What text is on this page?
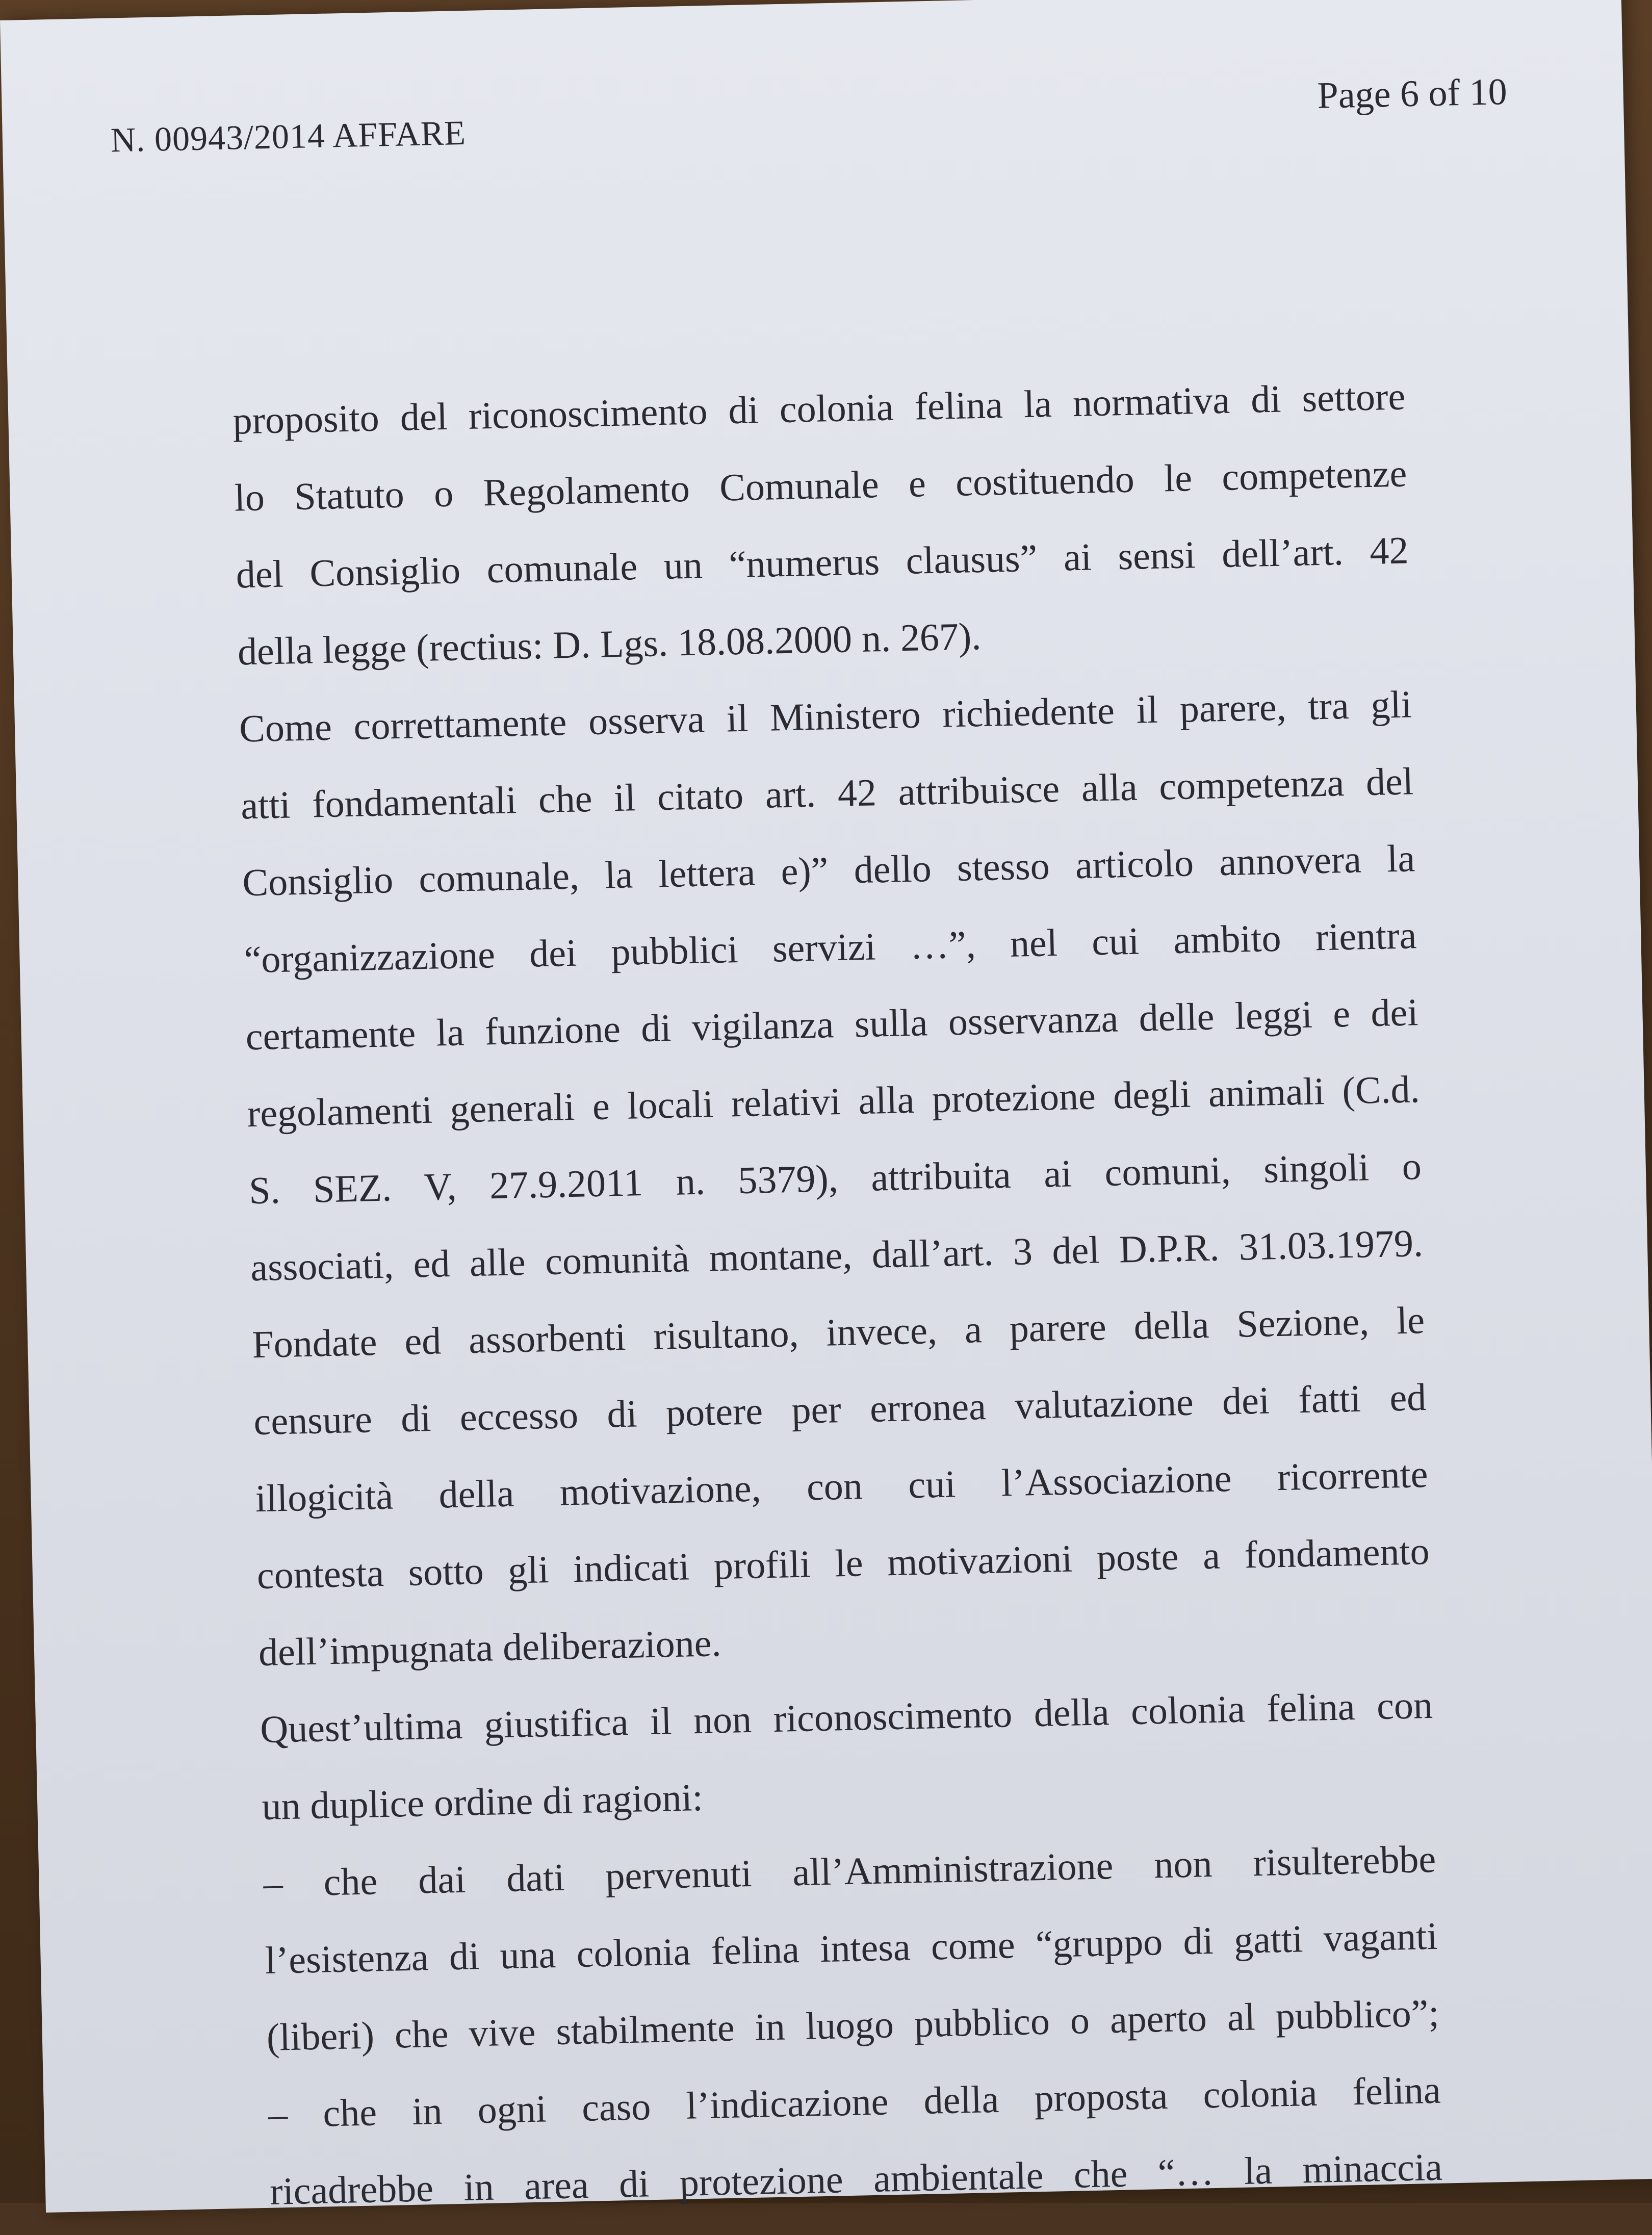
N. 00943/2014 AFFARE
Page 6 of 10
proposito del riconoscimento di colonia felina la normativa di settore
lo Statuto o Regolamento Comunale e costituendo le competenze
del Consiglio comunale un “numerus clausus” ai sensi dell’art. 42
della legge (rectius: D. Lgs. 18.08.2000 n. 267).
Come correttamente osserva il Ministero richiedente il parere, tra gli
atti fondamentali che il citato art. 42 attribuisce alla competenza del
Consiglio comunale, la lettera e)” dello stesso articolo annovera la
“organizzazione dei pubblici servizi …”, nel cui ambito rientra
certamente la funzione di vigilanza sulla osservanza delle leggi e dei
regolamenti generali e locali relativi alla protezione degli animali (C.d.
S. SEZ. V, 27.9.2011 n. 5379), attribuita ai comuni, singoli o
associati, ed alle comunità montane, dall’art. 3 del D.P.R. 31.03.1979.
Fondate ed assorbenti risultano, invece, a parere della Sezione, le
censure di eccesso di potere per erronea valutazione dei fatti ed
illogicità della motivazione, con cui l’Associazione ricorrente
contesta sotto gli indicati profili le motivazioni poste a fondamento
dell’impugnata deliberazione.
Quest’ultima giustifica il non riconoscimento della colonia felina con
un duplice ordine di ragioni:
– che dai dati pervenuti all’Amministrazione non risulterebbe
l’esistenza di una colonia felina intesa come “gruppo di gatti vaganti
(liberi) che vive stabilmente in luogo pubblico o aperto al pubblico”;
– che in ogni caso l’indicazione della proposta colonia felina
ricadrebbe in area di protezione ambientale che “… la minaccia
